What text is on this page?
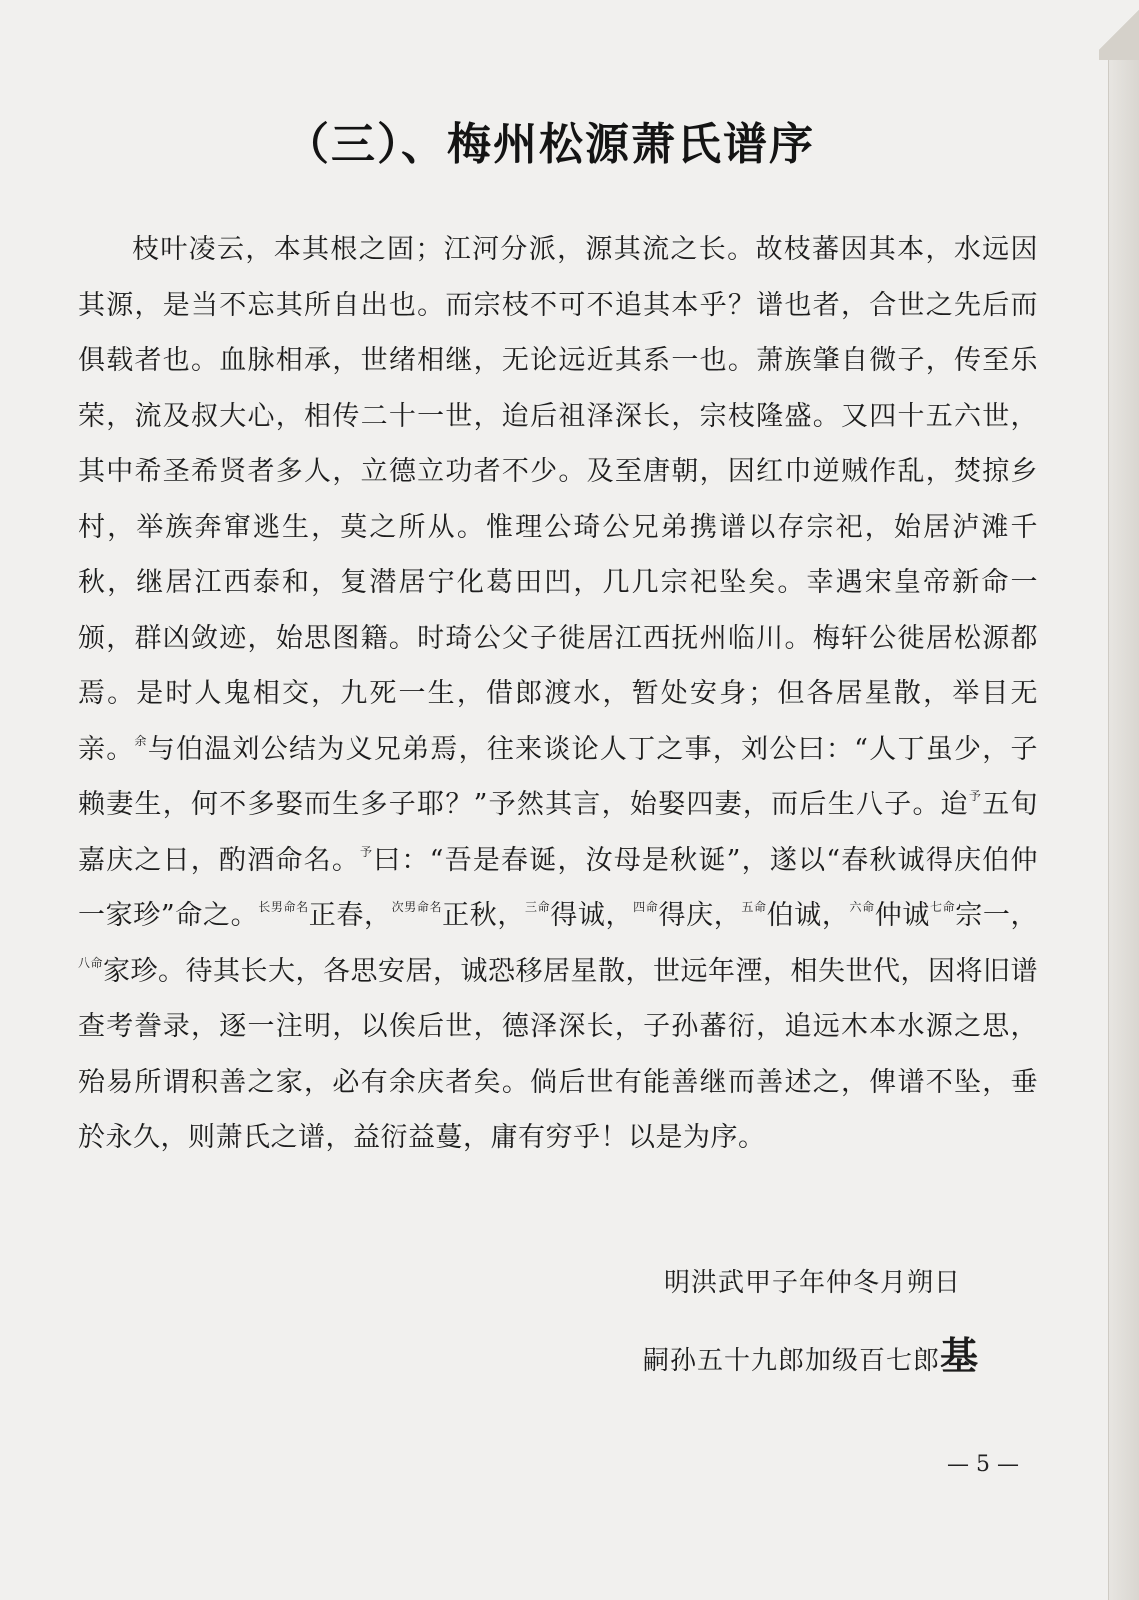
（三）、梅州松源萧氏谱序
枝叶凌云，本其根之固；江河分派，源其流之长。故枝蕃因其本，水远因其源，是当不忘其所自出也。而宗枝不可不追其本乎？谱也者，合世之先后而俱载者也。血脉相承，世绪相继，无论远近其系一也。萧族肇自微子，传至乐荣，流及叔大心，相传二十一世，迨后祖泽深长，宗枝隆盛。又四十五六世，其中希圣希贤者多人，立德立功者不少。及至唐朝，因红巾逆贼作乱，焚掠乡村，举族奔窜逃生，莫之所从。惟理公琦公兄弟携谱以存宗祀，始居泸滩千秋，继居江西泰和，复潜居宁化葛田凹，几几宗祀坠矣。幸遇宋皇帝新命一颁，群凶敛迹，始思图籍。时琦公父子徙居江西抚州临川。梅轩公徙居松源都焉。是时人鬼相交，九死一生，借郎渡水，暂处安身；但各居星散，举目无亲。$^余$与伯温刘公结为义兄弟焉，往来谈论人丁之事，刘公曰：“人丁虽少，子赖妻生，何不多娶而生多子耶？”予然其言，始娶四妻，而后生八子。迨$^予$五旬嘉庆之日，酌酒命名。$^予$曰：“吾是春诞，汝母是秋诞”，遂以“春秋诚得庆伯仲一家珍”命之。$^{长男命名}$正春，$^{次男命名}$正秋，$^{三命}$得诚，$^{四命}$得庆，$^{五命}$伯诚，$^{六命}$仲诚$^{七命}$宗一，$^{八命}$家珍。待其长大，各思安居，诚恐移居星散，世远年湮，相失世代，因将旧谱查考誊录，逐一注明，以俟后世，德泽深长，子孙蕃衍，追远木本水源之思，殆易所谓积善之家，必有余庆者矣。倘后世有能善继而善述之，俾谱不坠，垂於永久，则萧氏之谱，益衍益蔓，庸有穷乎！以是为序。
明洪武甲子年仲冬月朔日
嗣孙五十九郎加级百七郎基
— 5 —
